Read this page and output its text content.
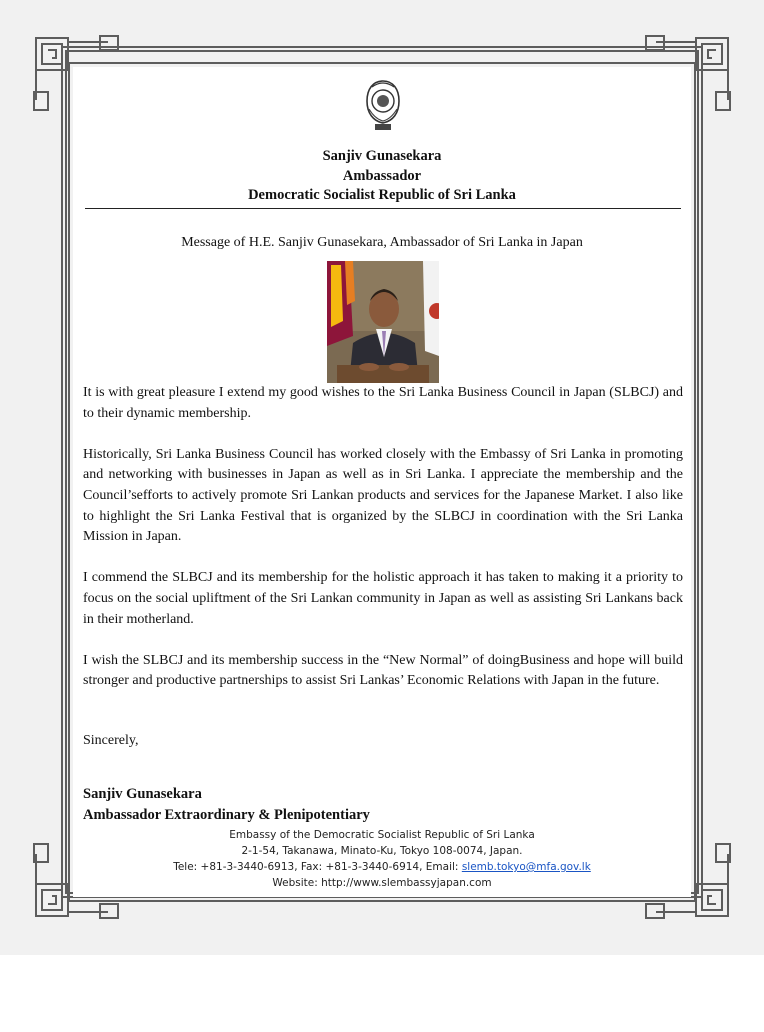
Sanjiv Gunasekara
Ambassador
Democratic Socialist Republic of Sri Lanka
Message of H.E. Sanjiv Gunasekara, Ambassador of Sri Lanka in Japan

It is with great pleasure I extend my good wishes to the Sri Lanka Business Council in Japan (SLBCJ) and to their dynamic membership.

Historically, Sri Lanka Business Council has worked closely with the Embassy of Sri Lanka in promoting and networking with businesses in Japan as well as in Sri Lanka. I appreciate the membership and the Council’sefforts to actively promote Sri Lankan products and services for the Japanese Market. I also like to highlight the Sri Lanka Festival that is organized by the SLBCJ in coordination with the Sri Lanka Mission in Japan.

I commend the SLBCJ and its membership for the holistic approach it has taken to making it a priority to focus on the social upliftment of the Sri Lankan community in Japan as well as assisting Sri Lankans back in their motherland.

I wish the SLBCJ and its membership success in the “New Normal” of doingBusiness and hope will build stronger and productive partnerships to assist Sri Lankas’ Economic Relations with Japan in the future.

Sincerely,
Sanjiv Gunasekara
Ambassador Extraordinary & Plenipotentiary
Embassy of the Democratic Socialist Republic of Sri Lanka
2-1-54, Takanawa, Minato-Ku, Tokyo 108-0074, Japan.
Tele: +81-3-3440-6913, Fax: +81-3-3440-6914, Email: slemb.tokyo@mfa.gov.lk
Website: http://www.slembassyjapan.com
